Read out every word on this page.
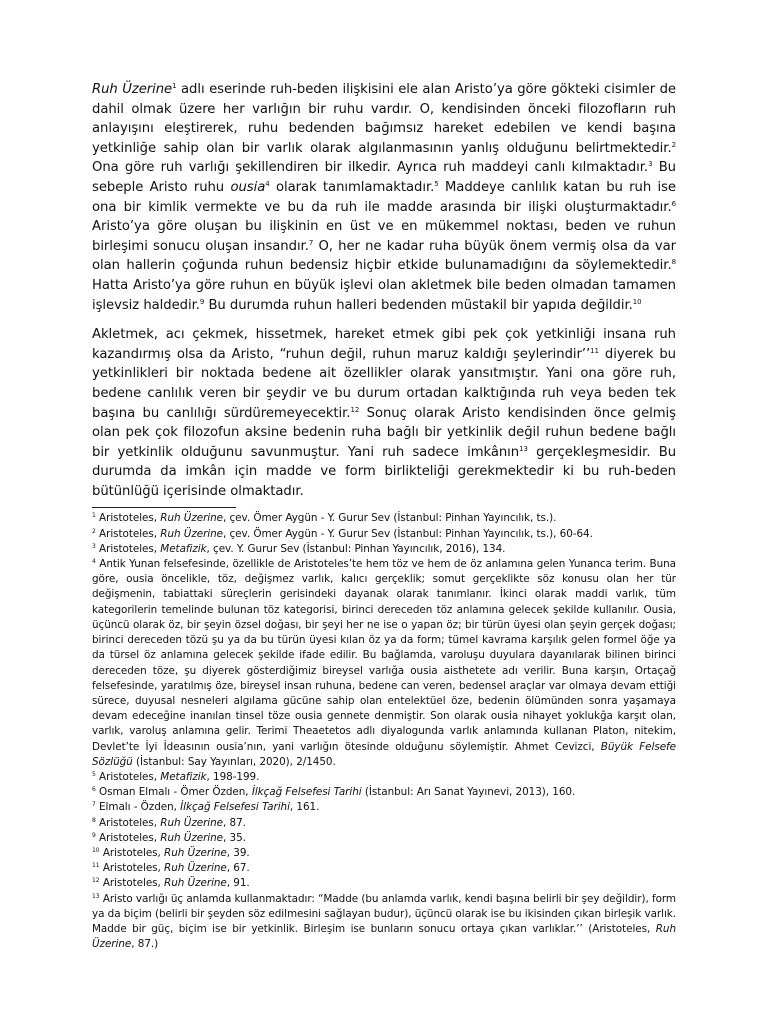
Ruh Üzerine$^1$ adlı eserinde ruh-beden ilişkisini ele alan Aristo’ya göre gökteki cisimler de dahil olmak üzere her varlığın bir ruhu vardır. O, kendisinden önceki filozofların ruh anlayışını eleştirerek, ruhu bedenden bağımsız hareket edebilen ve kendi başına yetkinliğe sahip olan bir varlık olarak algılanmasının yanlış olduğunu belirtmektedir.$^2$ Ona göre ruh varlığı şekillendiren bir ilkedir. Ayrıca ruh maddeyi canlı kılmaktadır.$^3$ Bu sebeple Aristo ruhu ousia$^4$ olarak tanımlamaktadır.$^5$ Maddeye canlılık katan bu ruh ise ona bir kimlik vermekte ve bu da ruh ile madde arasında bir ilişki oluşturmaktadır.$^6$ Aristo’ya göre oluşan bu ilişkinin en üst ve en mükemmel noktası, beden ve ruhun birleşimi sonucu oluşan insandır.$^7$ O, her ne kadar ruha büyük önem vermiş olsa da var olan hallerin çoğunda ruhun bedensiz hiçbir etkide bulunamadığını da söylemektedir.$^8$ Hatta Aristo’ya göre ruhun en büyük işlevi olan akletmek bile beden olmadan tamamen işlevsiz haldedir.$^9$ Bu durumda ruhun halleri bedenden müstakil bir yapıda değildir.$^{10}$

Akletmek, acı çekmek, hissetmek, hareket etmek gibi pek çok yetkinliği insana ruh kazandırmış olsa da Aristo, “ruhun değil, ruhun maruz kaldığı şeylerindir’’$^{11}$ diyerek bu yetkinlikleri bir noktada bedene ait özellikler olarak yansıtmıştır. Yani ona göre ruh, bedene canlılık veren bir şeydir ve bu durum ortadan kalktığında ruh veya beden tek başına bu canlılığı sürdüremeyecektir.$^{12}$ Sonuç olarak Aristo kendisinden önce gelmiş olan pek çok filozofun aksine bedenin ruha bağlı bir yetkinlik değil ruhun bedene bağlı bir yetkinlik olduğunu savunmuştur. Yani ruh sadece imkânın$^{13}$ gerçekleşmesidir. Bu durumda da imkân için madde ve form birlikteliği gerekmektedir ki bu ruh-beden bütünlüğü içerisinde olmaktadır.

$^1$ Aristoteles, Ruh Üzerine, çev. Ömer Aygün - Y. Gurur Sev (İstanbul: Pinhan Yayıncılık, ts.).

$^2$ Aristoteles, Ruh Üzerine, çev. Ömer Aygün - Y. Gurur Sev (İstanbul: Pinhan Yayıncılık, ts.), 60-64.

$^3$ Aristoteles, Metafizik, çev. Y. Gurur Sev (İstanbul: Pinhan Yayıncılık, 2016), 134.

$^4$ Antik Yunan felsefesinde, özellikle de Aristoteles’te hem töz ve hem de öz anlamına gelen Yunanca terim. Buna göre, ousia öncelikle, töz, değişmez varlık, kalıcı gerçeklik; somut gerçeklikte söz konusu olan her tür değişmenin, tabiattaki süreçlerin gerisindeki dayanak olarak tanımlanır. İkinci olarak maddi varlık, tüm kategorilerin temelinde bulunan töz kategorisi, birinci dereceden töz anlamına gelecek şekilde kullanılır. Ousia, üçüncü olarak öz, bir şeyin özsel doğası, bir şeyi her ne ise o yapan öz; bir türün üyesi olan şeyin gerçek doğası; birinci dereceden tözü şu ya da bu türün üyesi kılan öz ya da form; tümel kavrama karşılık gelen formel öğe ya da türsel öz anlamına gelecek şekilde ifade edilir. Bu bağlamda, varoluşu duyulara dayanılarak bilinen birinci dereceden töze, şu diyerek gösterdiğimiz bireysel varlığa ousia aisthetete adı verilir. Buna karşın, Ortaçağ felsefesinde, yaratılmış öze, bireysel insan ruhuna, bedene can veren, bedensel araçlar var olmaya devam ettiği sürece, duyusal nesneleri algılama gücüne sahip olan entelektüel öze, bedenin ölümünden sonra yaşamaya devam edeceğine inanılan tinsel töze ousia gennete denmiştir. Son olarak ousia nihayet yoklukğa karşıt olan, varlık, varoluş anlamına gelir. Terimi Theaetetos adlı diyalogunda varlık anlamında kullanan Platon, nitekim, Devlet’te İyi İdeasının ousia’nın, yani varlığın ötesinde olduğunu söylemiştir. Ahmet Cevizci, Büyük Felsefe Sözlüğü (İstanbul: Say Yayınları, 2020), 2/1450.

$^5$ Aristoteles, Metafizik, 198-199.

$^6$ Osman Elmalı - Ömer Özden, İlkçağ Felsefesi Tarihi (İstanbul: Arı Sanat Yayınevi, 2013), 160.

$^7$ Elmalı - Özden, İlkçağ Felsefesi Tarihi, 161.

$^8$ Aristoteles, Ruh Üzerine, 87.

$^9$ Aristoteles, Ruh Üzerine, 35.

$^{10}$ Aristoteles, Ruh Üzerine, 39.

$^{11}$ Aristoteles, Ruh Üzerine, 67.

$^{12}$ Aristoteles, Ruh Üzerine, 91.

$^{13}$ Aristo varlığı üç anlamda kullanmaktadır: “Madde (bu anlamda varlık, kendi başına belirli bir şey değildir), form ya da biçim (belirli bir şeyden söz edilmesini sağlayan budur), üçüncü olarak ise bu ikisinden çıkan birleşik varlık. Madde bir güç, biçim ise bir yetkinlik. Birleşim ise bunların sonucu ortaya çıkan varlıklar.’’ (Aristoteles, Ruh Üzerine, 87.)
